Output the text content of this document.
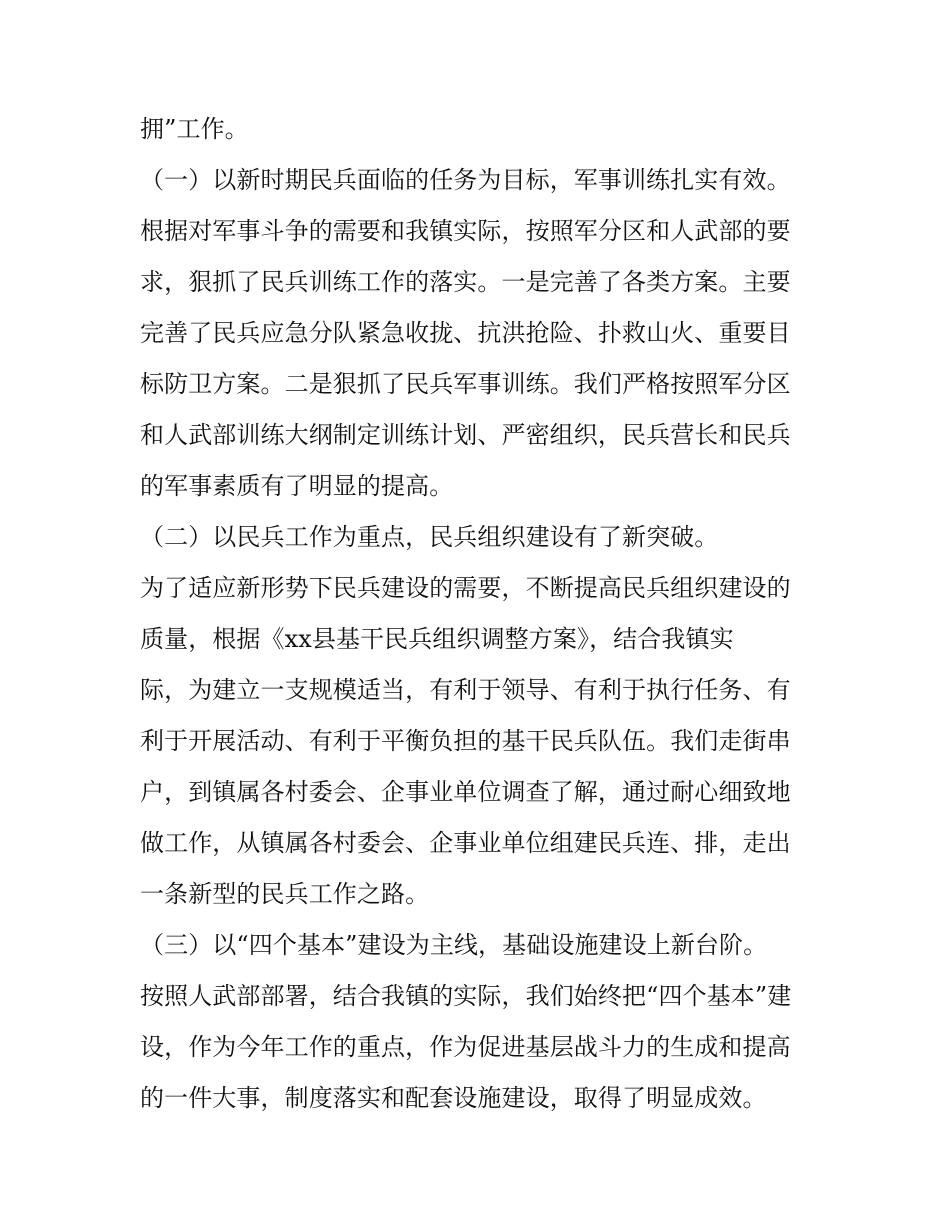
拥”工作。
（一）以新时期民兵面临的任务为目标，军事训练扎实有效。
根据对军事斗争的需要和我镇实际，按照军分区和人武部的要
求，狠抓了民兵训练工作的落实。一是完善了各类方案。主要
完善了民兵应急分队紧急收拢、抗洪抢险、扑救山火、重要目
标防卫方案。二是狠抓了民兵军事训练。我们严格按照军分区
和人武部训练大纲制定训练计划、严密组织，民兵营长和民兵
的军事素质有了明显的提高。
（二）以民兵工作为重点，民兵组织建设有了新突破。
为了适应新形势下民兵建设的需要，不断提高民兵组织建设的
质量，根据《xx县基干民兵组织调整方案》，结合我镇实
际，为建立一支规模适当，有利于领导、有利于执行任务、有
利于开展活动、有利于平衡负担的基干民兵队伍。我们走街串
户，到镇属各村委会、企事业单位调查了解，通过耐心细致地
做工作，从镇属各村委会、企事业单位组建民兵连、排，走出
一条新型的民兵工作之路。
（三）以“四个基本”建设为主线，基础设施建设上新台阶。
按照人武部部署，结合我镇的实际，我们始终把“四个基本”建
设，作为今年工作的重点，作为促进基层战斗力的生成和提高
的一件大事，制度落实和配套设施建设，取得了明显成效。
